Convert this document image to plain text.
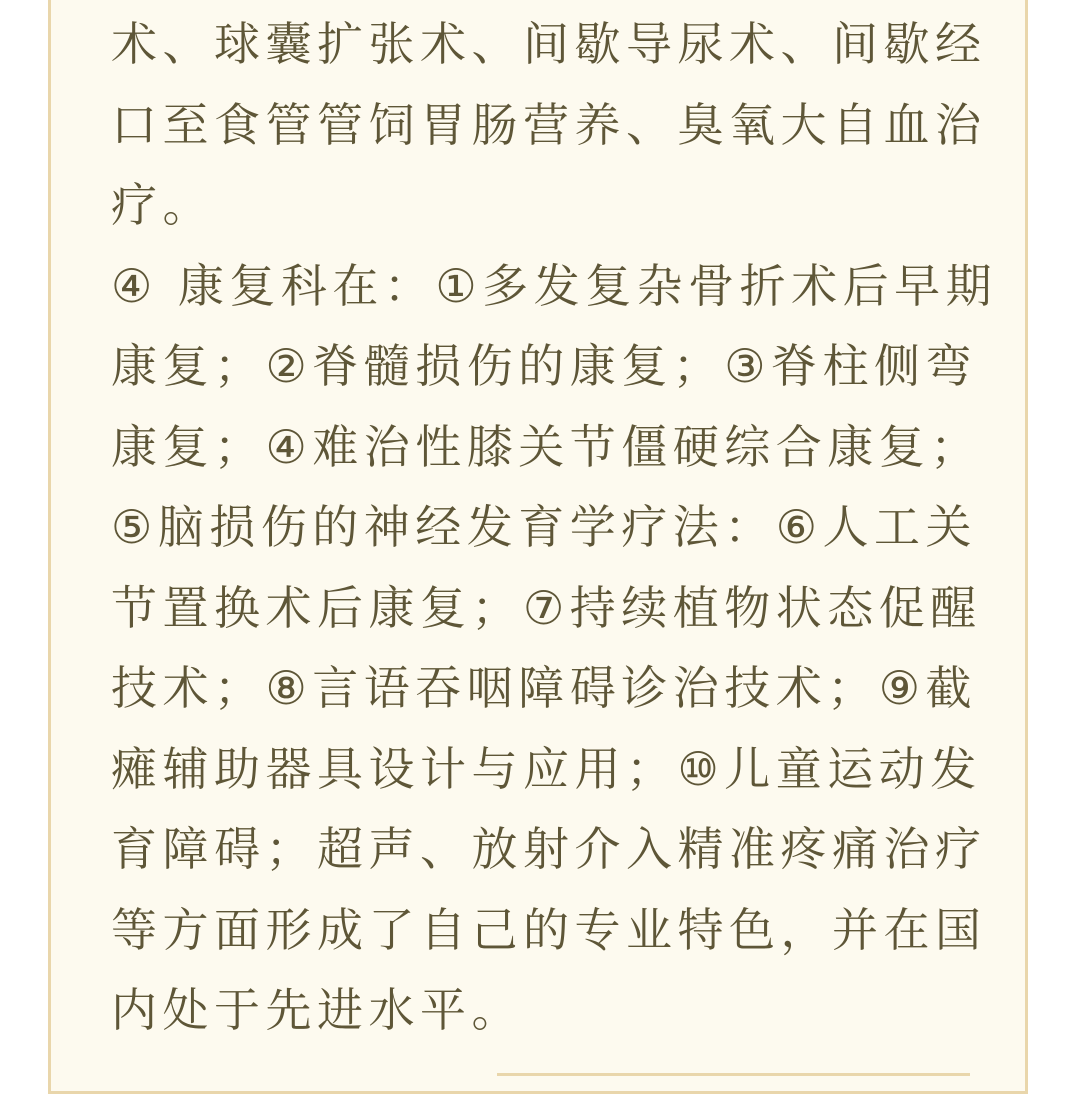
术、球囊扩张术、间歇导尿术、间歇经
口至食管管饲胃肠营养、臭氧大自血治
疗。
④ 康复科在：①多发复杂骨折术后早期
康复；②脊髓损伤的康复；③脊柱侧弯
康复；④难治性膝关节僵硬综合康复；
⑤脑损伤的神经发育学疗法：⑥人工关
节置换术后康复；⑦持续植物状态促醒
技术；⑧言语吞咽障碍诊治技术；⑨截
瘫辅助器具设计与应用；⑩儿童运动发
育障碍；超声、放射介入精准疼痛治疗
等方面形成了自己的专业特色，并在国
内处于先进水平。
